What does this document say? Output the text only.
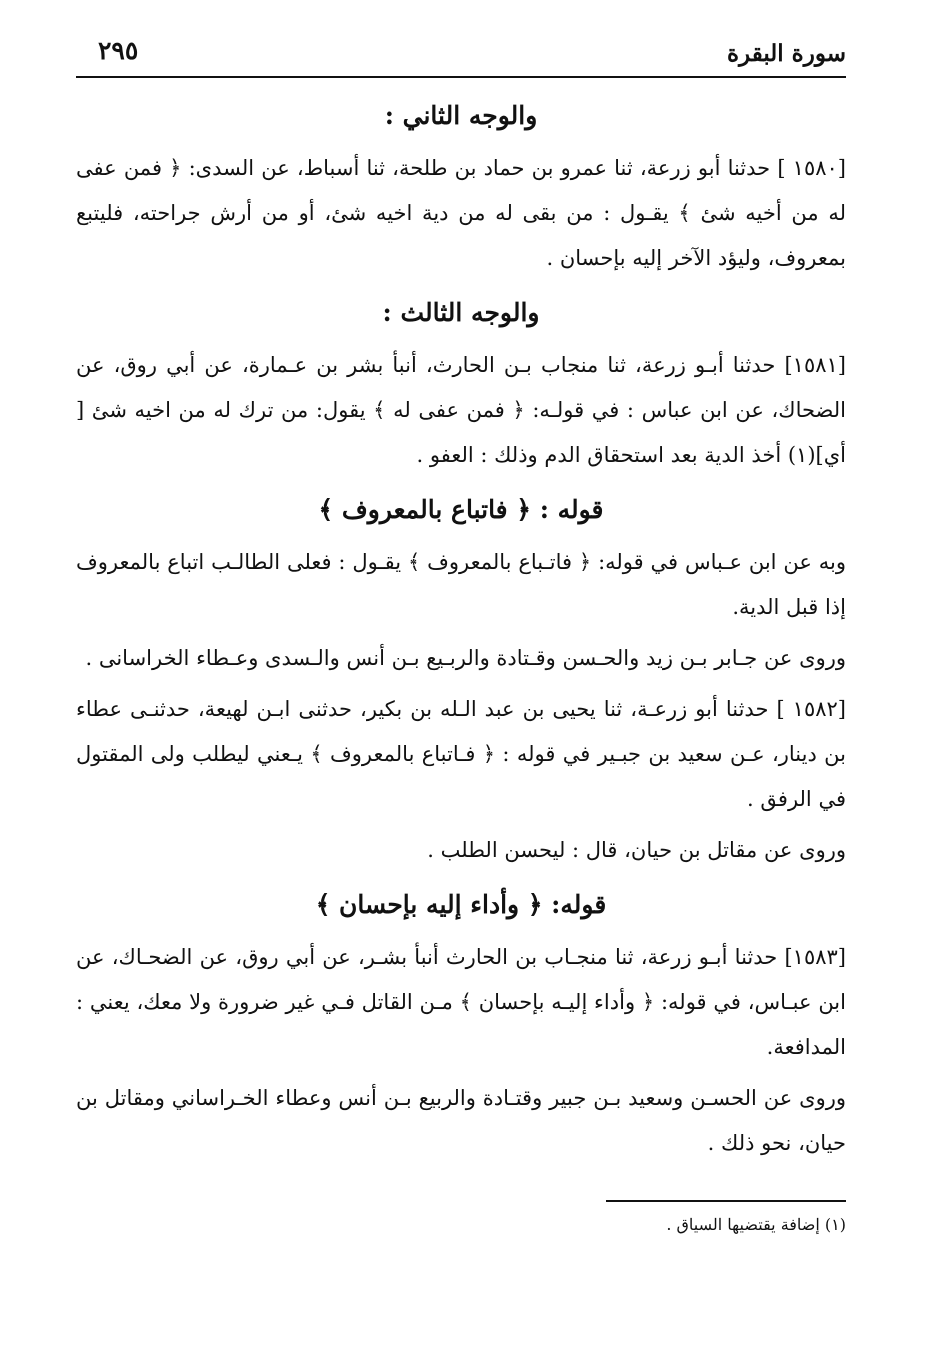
سورة البقرة
٢٩٥
والوجه الثاني :

[١٥٨٠ ] حدثنا أبو زرعة، ثنا عمرو بن حماد بن طلحة، ثنا أسباط، عن السدى: ﴿ فمن عفى له من أخيه شئ ﴾ يقـول : من بقى له من دية اخيه شئ، أو من أرش جراحته، فليتبع بمعروف، وليؤد الآخر إليه بإحسان .

والوجه الثالث :

[١٥٨١] حدثنا أبـو زرعة، ثنا منجاب بـن الحارث، أنبأ بشر بن عـمارة، عن أبي روق، عن الضحاك، عن ابن عباس : في قولـه: ﴿ فمن عفى له ﴾ يقول: من ترك له من اخيه شئ [ أي](١) أخذ الدية بعد استحقاق الدم وذلك : العفو .

قوله : ﴿ فاتباع بالمعروف ﴾

وبه عن ابن عـباس في قوله: ﴿ فاتـباع بالمعروف ﴾ يقـول : فعلى الطالـب اتباع بالمعروف إذا قبل الدية.

وروى عن جـابر بـن زيد والحـسن وقـتادة والربـيع بـن أنس والـسدى وعـطاء الخراسانى .

[١٥٨٢ ] حدثنا أبو زرعـة، ثنا يحيى بن عبد الـله بن بكير، حدثنى ابـن لهيعة، حدثنـى عطاء بن دينار، عـن سعيد بن جبـير في قوله : ﴿ فـاتباع بالمعروف ﴾ يـعني ليطلب ولى المقتول في الرفق .

وروى عن مقاتل بن حيان، قال : ليحسن الطلب .

قوله: ﴿ وأداء إليه بإحسان ﴾

[١٥٨٣] حدثنا أبـو زرعة، ثنا منجـاب بن الحارث أنبأ بشـر، عن أبي روق، عن الضحـاك، عن ابن عبـاس، في قوله: ﴿ وأداء إليـه بإحسان ﴾ مـن القاتل فـي غير ضرورة ولا معك، يعني : المدافعة.

وروى عن الحسـن وسعيد بـن جبير وقتـادة والربيع بـن أنس وعطاء الخـراساني ومقاتل بن حيان، نحو ذلك .

(١) إضافة يقتضيها السياق .
